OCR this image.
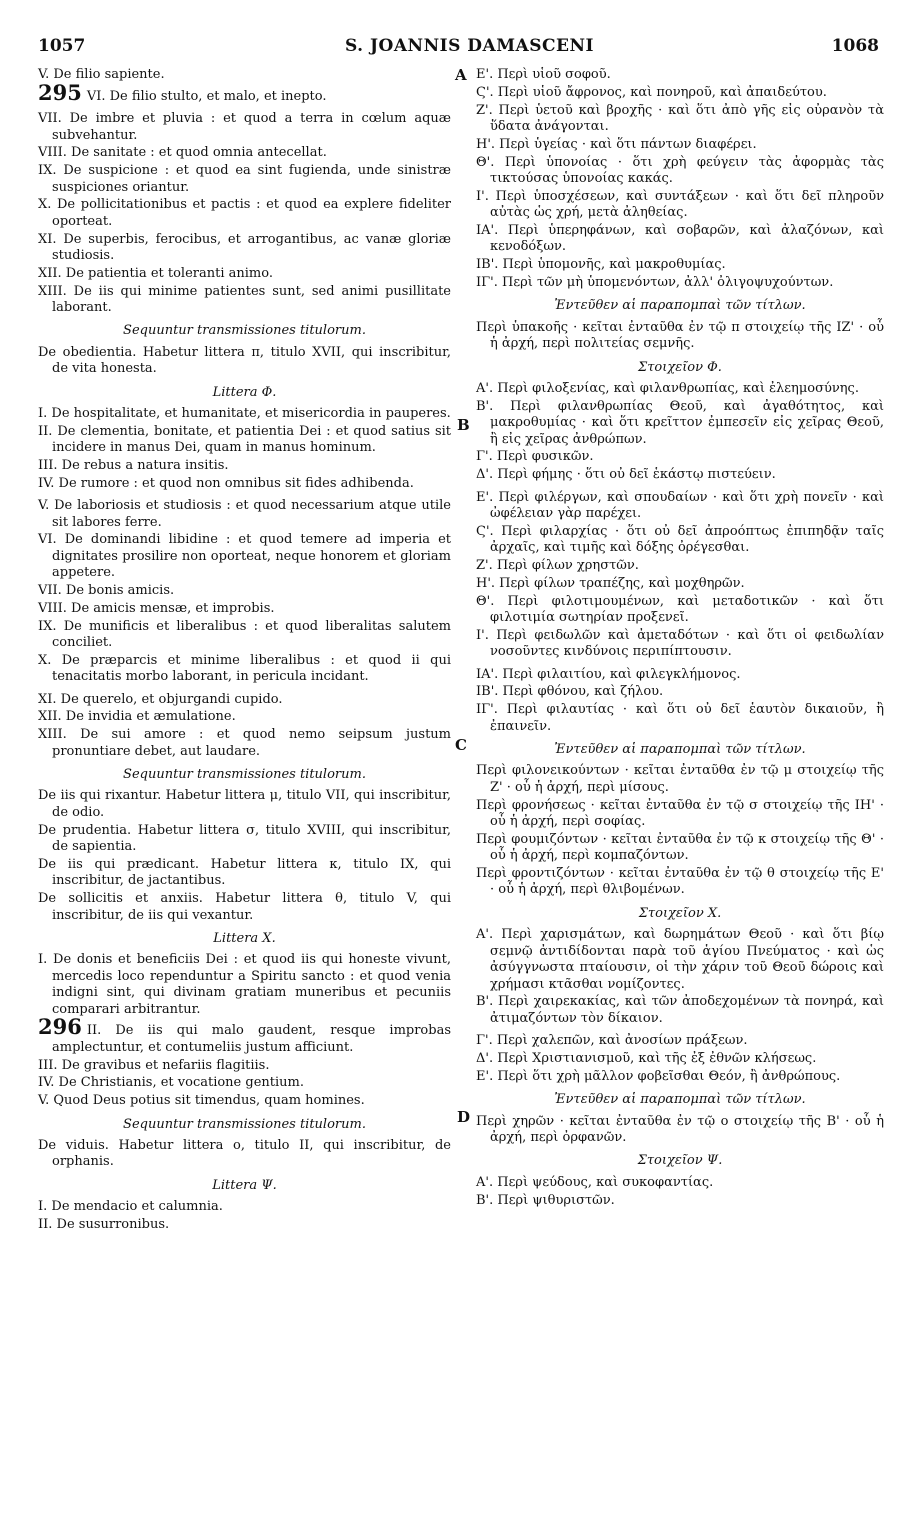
1057	S. JOANNIS DAMASCENI	1068
A
B
C
D
V. De filio sapiente.
295 VI. De filio stulto, et malo, et inepto.
VII. De imbre et pluvia : et quod a terra in cœlum aquæ subvehantur.
VIII. De sanitate : et quod omnia antecellat.
IX. De suspicione : et quod ea sint fugienda, unde sinistræ suspiciones oriantur.
X. De pollicitationibus et pactis : et quod ea explere fideliter oporteat.
XI. De superbis, ferocibus, et arrogantibus, ac vanæ gloriæ studiosis.
XII. De patientia et toleranti animo.
XIII. De iis qui minime patientes sunt, sed animi pusillitate laborant.
Sequuntur transmissiones titulorum.
De obedientia. Habetur littera π, titulo XVII, qui inscribitur, de vita honesta.
Littera Φ.
I. De hospitalitate, et humanitate, et misericordia in pauperes.
II. De clementia, bonitate, et patientia Dei : et quod satius sit incidere in manus Dei, quam in manus hominum.
III. De rebus a natura insitis.
IV. De rumore : et quod non omnibus sit fides adhibenda.
V. De laboriosis et studiosis : et quod necessarium atque utile sit labores ferre.
VI. De dominandi libidine : et quod temere ad imperia et dignitates prosilire non oporteat, neque honorem et gloriam appetere.
VII. De bonis amicis.
VIII. De amicis mensæ, et improbis.
IX. De munificis et liberalibus : et quod liberalitas salutem conciliet.
X. De præparcis et minime liberalibus : et quod ii qui tenacitatis morbo laborant, in pericula incidant.
XI. De querelo, et objurgandi cupido.
XII. De invidia et æmulatione.
XIII. De sui amore : et quod nemo seipsum justum pronuntiare debet, aut laudare.
Sequuntur transmissiones titulorum.
De iis qui rixantur. Habetur littera μ, titulo VII, qui inscribitur, de odio.
De prudentia. Habetur littera σ, titulo XVIII, qui inscribitur, de sapientia.
De iis qui prædicant. Habetur littera κ, titulo IX, qui inscribitur, de jactantibus.
De sollicitis et anxiis. Habetur littera θ, titulo V, qui inscribitur, de iis qui vexantur.
Littera X.
I. De donis et beneficiis Dei : et quod iis qui honeste vivunt, mercedis loco rependuntur a Spiritu sancto : et quod venia indigni sint, qui divinam gratiam muneribus et pecuniis comparari arbitrantur.
296 II. De iis qui malo gaudent, resque improbas amplectuntur, et contumeliis justum afficiunt.
III. De gravibus et nefariis flagitiis.
IV. De Christianis, et vocatione gentium.
V. Quod Deus potius sit timendus, quam homines.
Sequuntur transmissiones titulorum.
De viduis. Habetur littera ο, titulo II, qui inscribitur, de orphanis.
Littera Ψ.
I. De mendacio et calumnia.
II. De susurronibus.
Ε'. Περὶ υἱοῦ σοφοῦ.
Ϛ'. Περὶ υἱοῦ ἄφρονος, καὶ πονηροῦ, καὶ ἀπαιδεύτου.
Ζ'. Περὶ ὑετοῦ καὶ βροχῆς · καὶ ὅτι ἀπὸ γῆς εἰς οὐρανὸν τὰ ὕδατα ἀνάγονται.
Η'. Περὶ ὑγείας · καὶ ὅτι πάντων διαφέρει.
Θ'. Περὶ ὑπονοίας · ὅτι χρὴ φεύγειν τὰς ἀφορμὰς τὰς τικτούσας ὑπονοίας κακάς.
Ι'. Περὶ ὑποσχέσεων, καὶ συντάξεων · καὶ ὅτι δεῖ πληροῦν αὐτὰς ὡς χρή, μετὰ ἀληθείας.
ΙΑ'. Περὶ ὑπερηφάνων, καὶ σοβαρῶν, καὶ ἀλαζόνων, καὶ κενοδόξων.
ΙΒ'. Περὶ ὑπομονῆς, καὶ μακροθυμίας.
ΙΓ'. Περὶ τῶν μὴ ὑπομενόντων, ἀλλ' ὀλιγοψυχούντων.
Ἐντεῦθεν αἱ παραπομπαὶ τῶν τίτλων.
Περὶ ὑπακοῆς · κεῖται ἐνταῦθα ἐν τῷ π στοιχείῳ τῆς ΙΖ' · οὗ ἡ ἀρχή, περὶ πολιτείας σεμνῆς.
Στοιχεῖον Φ.
Α'. Περὶ φιλοξενίας, καὶ φιλανθρωπίας, καὶ ἐλεημοσύνης.
Β'. Περὶ φιλανθρωπίας Θεοῦ, καὶ ἀγαθότητος, καὶ μακροθυμίας · καὶ ὅτι κρεῖττον ἐμπεσεῖν εἰς χεῖρας Θεοῦ, ἢ εἰς χεῖρας ἀνθρώπων.
Γ'. Περὶ φυσικῶν.
Δ'. Περὶ φήμης · ὅτι οὐ δεῖ ἑκάστῳ πιστεύειν.
Ε'. Περὶ φιλέργων, καὶ σπουδαίων · καὶ ὅτι χρὴ πονεῖν · καὶ ὠφέλειαν γὰρ παρέχει.
Ϛ'. Περὶ φιλαρχίας · ὅτι οὐ δεῖ ἀπροόπτως ἐπιπηδᾷν ταῖς ἀρχαῖς, καὶ τιμῆς καὶ δόξης ὀρέγεσθαι.
Ζ'. Περὶ φίλων χρηστῶν.
Η'. Περὶ φίλων τραπέζης, καὶ μοχθηρῶν.
Θ'. Περὶ φιλοτιμουμένων, καὶ μεταδοτικῶν · καὶ ὅτι φιλοτιμία σωτηρίαν προξενεῖ.
Ι'. Περὶ φειδωλῶν καὶ ἀμεταδότων · καὶ ὅτι οἱ φειδωλίαν νοσοῦντες κινδύνοις περιπίπτουσιν.
ΙΑ'. Περὶ φιλαιτίου, καὶ φιλεγκλήμονος.
ΙΒ'. Περὶ φθόνου, καὶ ζήλου.
ΙΓ'. Περὶ φιλαυτίας · καὶ ὅτι οὐ δεῖ ἑαυτὸν δικαιοῦν, ἢ ἐπαινεῖν.
Ἐντεῦθεν αἱ παραπομπαὶ τῶν τίτλων.
Περὶ φιλονεικούντων · κεῖται ἐνταῦθα ἐν τῷ μ στοιχείῳ τῆς Ζ' · οὗ ἡ ἀρχή, περὶ μίσους.
Περὶ φρονήσεως · κεῖται ἐνταῦθα ἐν τῷ σ στοιχείῳ τῆς ΙΗ' · οὗ ἡ ἀρχή, περὶ σοφίας.
Περὶ φουμιζόντων · κεῖται ἐνταῦθα ἐν τῷ κ στοιχείῳ τῆς Θ' · οὗ ἡ ἀρχή, περὶ κομπαζόντων.
Περὶ φροντιζόντων · κεῖται ἐνταῦθα ἐν τῷ θ στοιχείῳ τῆς Ε' · οὗ ἡ ἀρχή, περὶ θλιβομένων.
Στοιχεῖον Χ.
Α'. Περὶ χαρισμάτων, καὶ δωρημάτων Θεοῦ · καὶ ὅτι βίῳ σεμνῷ ἀντιδίδονται παρὰ τοῦ ἁγίου Πνεύματος · καὶ ὡς ἀσύγγνωστα πταίουσιν, οἱ τὴν χάριν τοῦ Θεοῦ δώροις καὶ χρήμασι κτᾶσθαι νομίζοντες.
Β'. Περὶ χαιρεκακίας, καὶ τῶν ἀποδεχομένων τὰ πονηρά, καὶ ἀτιμαζόντων τὸν δίκαιον.
Γ'. Περὶ χαλεπῶν, καὶ ἀνοσίων πράξεων.
Δ'. Περὶ Χριστιανισμοῦ, καὶ τῆς ἐξ ἐθνῶν κλήσεως.
Ε'. Περὶ ὅτι χρὴ μᾶλλον φοβεῖσθαι Θεόν, ἢ ἀνθρώπους.
Ἐντεῦθεν αἱ παραπομπαὶ τῶν τίτλων.
Περὶ χηρῶν · κεῖται ἐνταῦθα ἐν τῷ ο στοιχείῳ τῆς Β' · οὗ ἡ ἀρχή, περὶ ὀρφανῶν.
Στοιχεῖον Ψ.
Α'. Περὶ ψεύδους, καὶ συκοφαντίας.
Β'. Περὶ ψιθυριστῶν.
